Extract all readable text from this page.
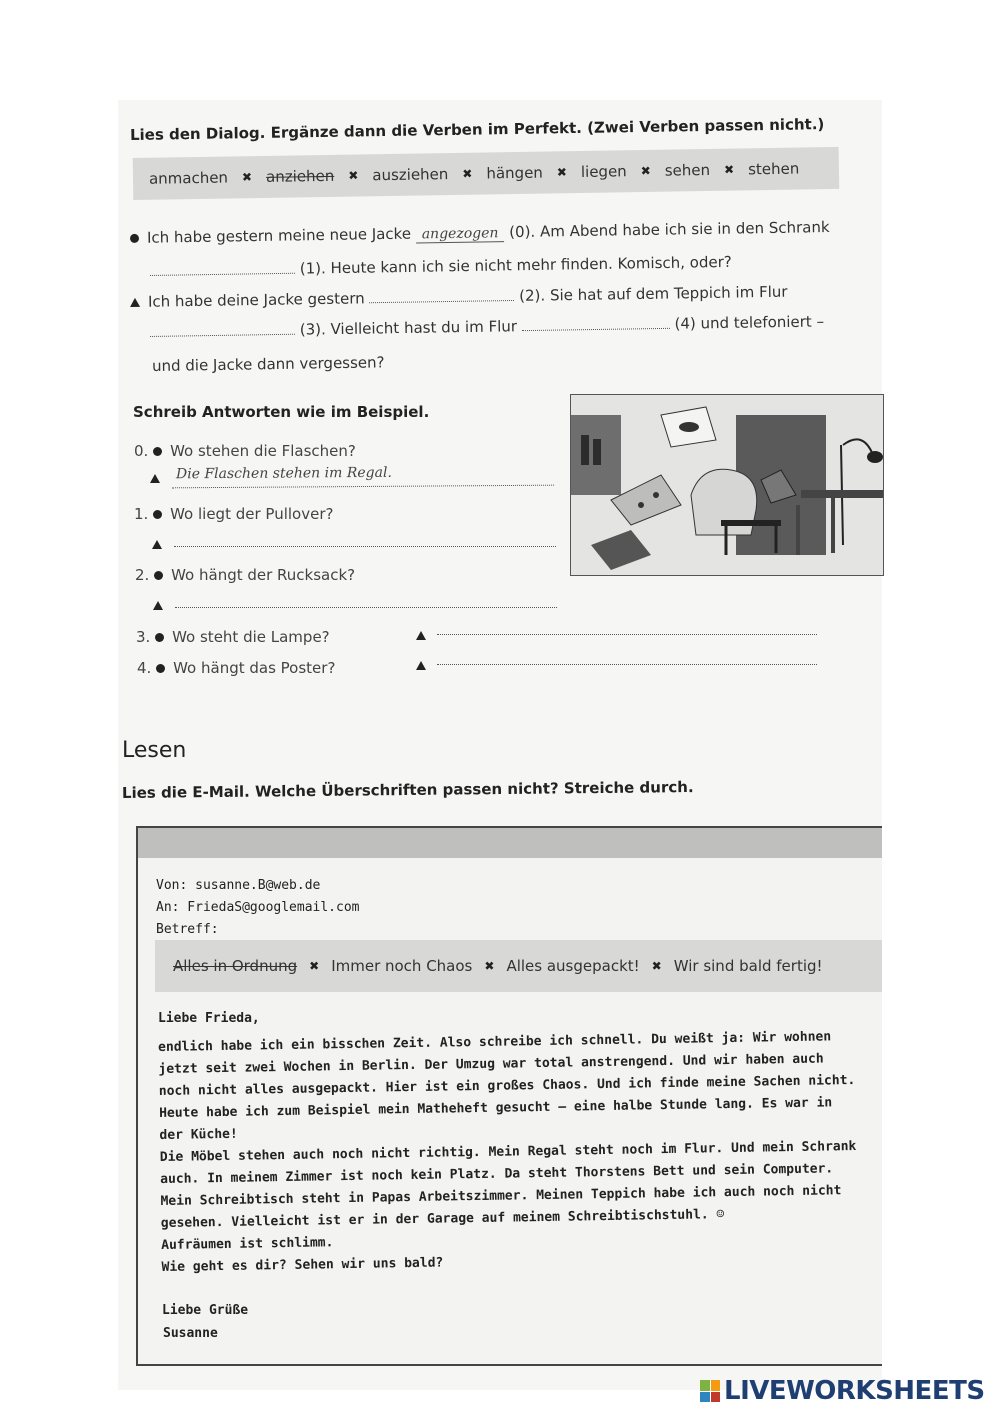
Lies den Dialog. Ergänze dann die Verben im Perfekt. (Zwei Verben passen nicht.)
anmachen ✖ anziehen ✖ ausziehen ✖ hängen ✖ liegen ✖ sehen ✖ stehen
Ich habe gestern meine neue Jacke angezogen (0). Am Abend habe ich sie in den Schrank
(1). Heute kann ich sie nicht mehr finden. Komisch, oder?
Ich habe deine Jacke gestern	(2). Sie hat auf dem Teppich im Flur
(3). Vielleicht hast du im Flur	(4) und telefoniert –
und die Jacke dann vergessen?
Schreib Antworten wie im Beispiel.
0. Wo stehen die Flaschen?
Die Flaschen stehen im Regal.
1. Wo liegt der Pullover?
2. Wo hängt der Rucksack?
3. Wo steht die Lampe?
4. Wo hängt das Poster?
Lesen
Lies die E-Mail. Welche Überschriften passen nicht? Streiche durch.
Von: susanne.B@web.de
An: FriedaS@googlemail.com
Betreff:
Alles in Ordnung ✖ Immer noch Chaos ✖ Alles ausgepackt! ✖ Wir sind bald fertig!
Liebe Frieda,
endlich habe ich ein bisschen Zeit. Also schreibe ich schnell. Du weißt ja: Wir wohnen
jetzt seit zwei Wochen in Berlin. Der Umzug war total anstrengend. Und wir haben auch
noch nicht alles ausgepackt. Hier ist ein großes Chaos. Und ich finde meine Sachen nicht.
Heute habe ich zum Beispiel mein Matheheft gesucht – eine halbe Stunde lang. Es war in
der Küche!
Die Möbel stehen auch noch nicht richtig. Mein Regal steht noch im Flur. Und mein Schrank
auch. In meinem Zimmer ist noch kein Platz. Da steht Thorstens Bett und sein Computer.
Mein Schreibtisch steht in Papas Arbeitszimmer. Meinen Teppich habe ich auch noch nicht
gesehen. Vielleicht ist er in der Garage auf meinem Schreibtischstuhl. ☺
Aufräumen ist schlimm.
Wie geht es dir? Sehen wir uns bald?
Liebe Grüße
Susanne
LIVEWORKSHEETS
